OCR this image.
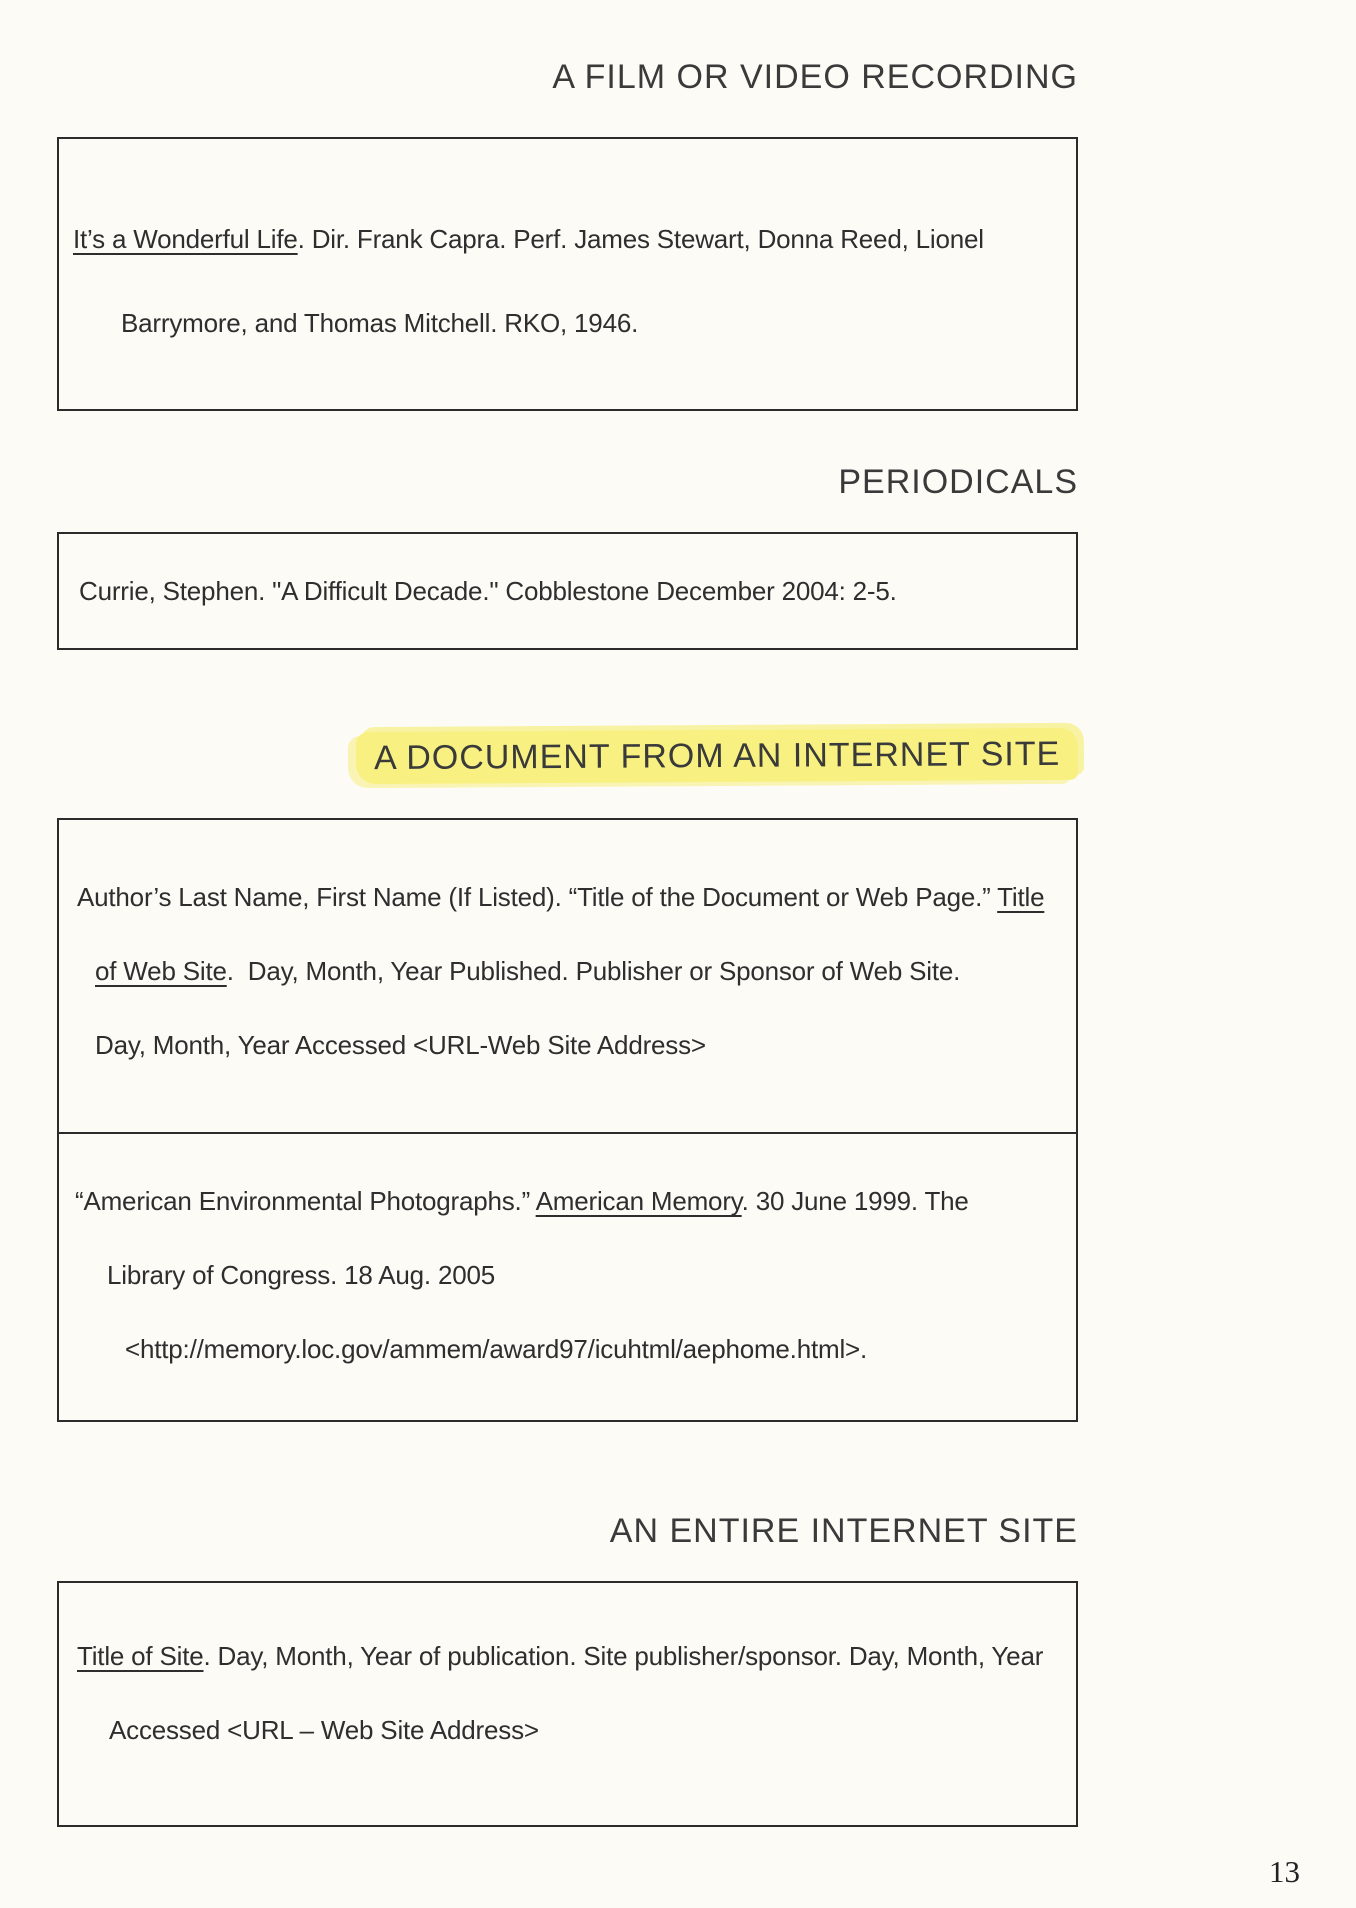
A FILM OR VIDEO RECORDING

It’s a Wonderful Life. Dir. Frank Capra. Perf. James Stewart, Donna Reed, Lionel

Barrymore, and Thomas Mitchell. RKO, 1946.

PERIODICALS

Currie, Stephen. "A Difficult Decade." Cobblestone December 2004: 2-5.

A DOCUMENT FROM AN INTERNET SITE

Author’s Last Name, First Name (If Listed). “Title of the Document or Web Page.” Title

of Web Site.  Day, Month, Year Published. Publisher or Sponsor of Web Site.

Day, Month, Year Accessed <URL-Web Site Address>

“American Environmental Photographs.” American Memory. 30 June 1999. The

Library of Congress. 18 Aug. 2005

<http://memory.loc.gov/ammem/award97/icuhtml/aephome.html>.

AN ENTIRE INTERNET SITE

Title of Site. Day, Month, Year of publication. Site publisher/sponsor. Day, Month, Year

Accessed <URL – Web Site Address>

13
